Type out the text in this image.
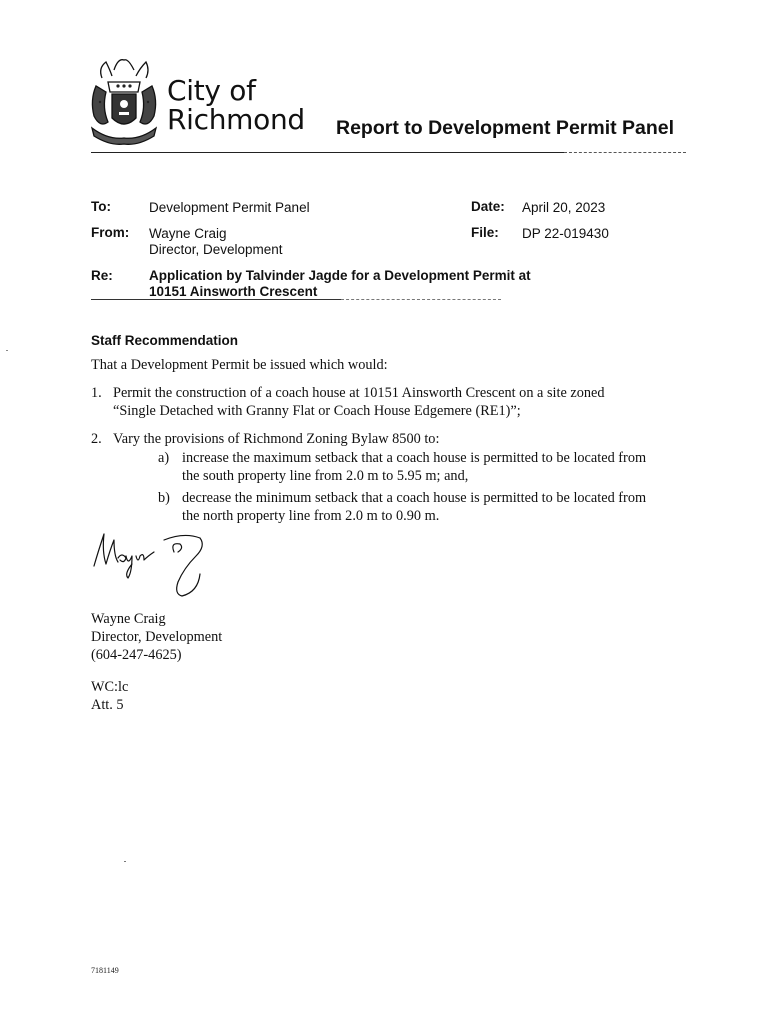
City of
Richmond Report to Development Permit Panel
To:	Development Permit Panel	Date: April 20, 2023
From: Wayne Craig
Director, Development
File: DP 22-019430
Re:	Application by Talvinder Jagde for a Development Permit at
10151 Ainsworth Crescent
Staff Recommendation
That a Development Permit be issued which would:
1. Permit the construction of a coach house at 10151 Ainsworth Crescent on a site zoned
“Single Detached with Granny Flat or Coach House Edgemere (RE1)”;
2. Vary the provisions of Richmond Zoning Bylaw 8500 to:
a) increase the maximum setback that a coach house is permitted to be located from
the south property line from 2.0 m to 5.95 m; and,
b) decrease the minimum setback that a coach house is permitted to be located from
the north property line from 2.0 m to 0.90 m.
Wayne Craig
Director, Development
(604-247-4625)
WC:lc
Att. 5
7181149
